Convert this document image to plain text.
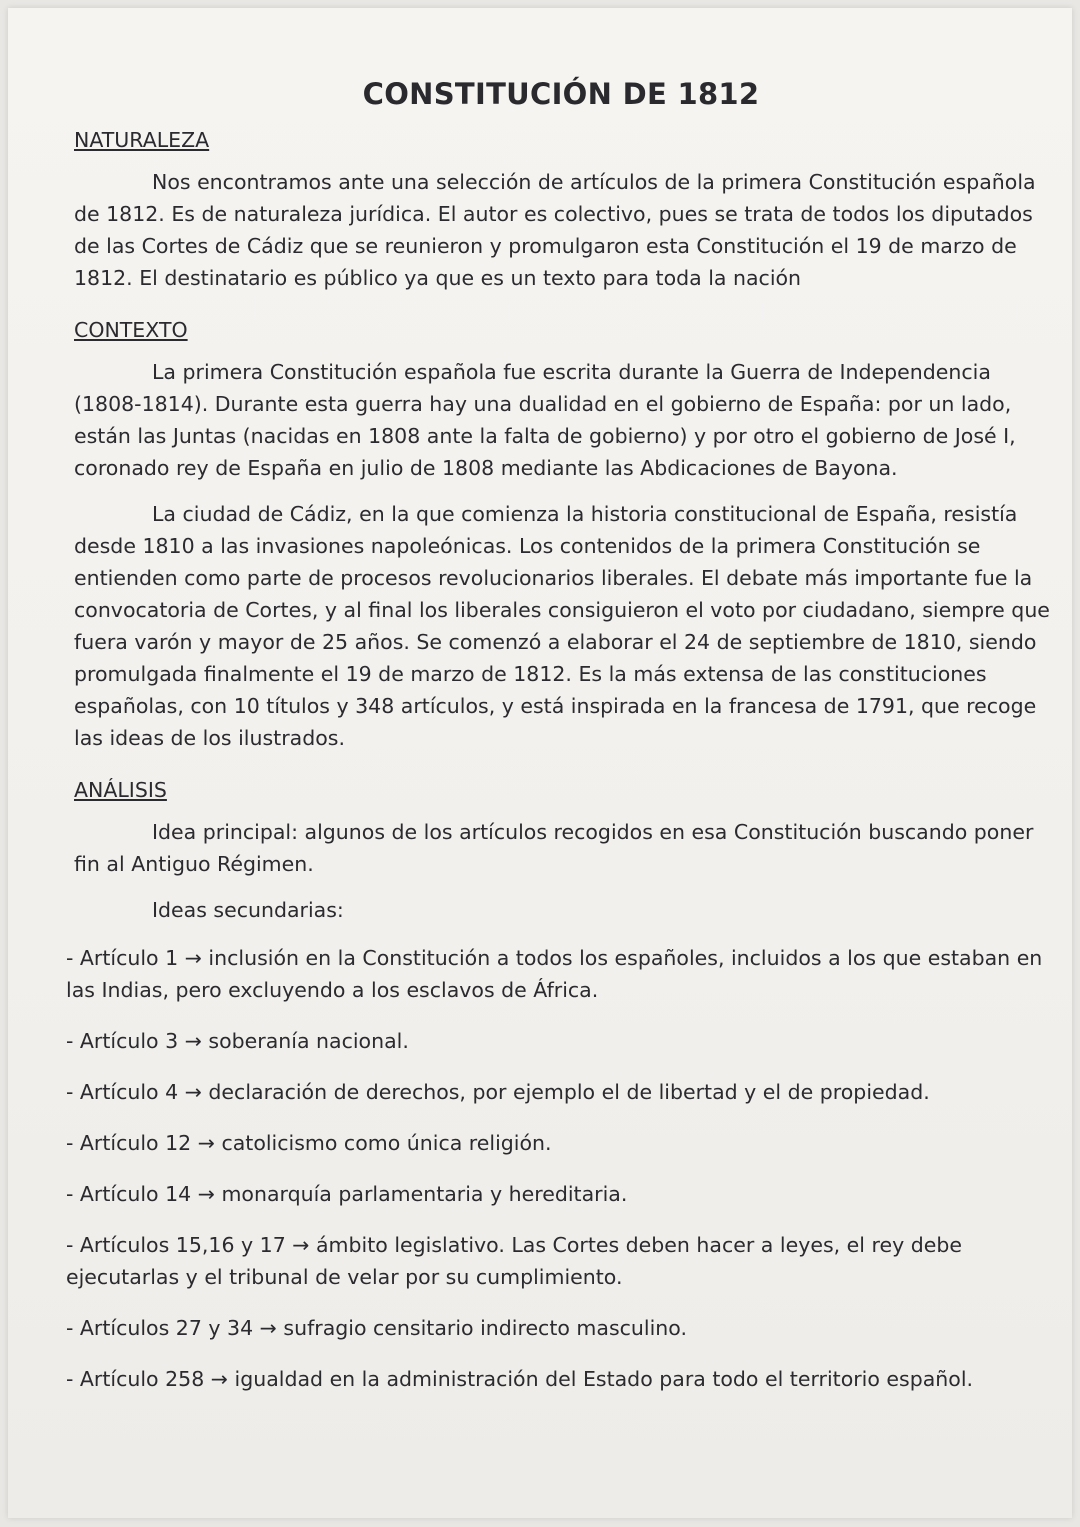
CONSTITUCIÓN DE 1812
NATURALEZA

Nos encontramos ante una selección de artículos de la primera Constitución española de 1812. Es de naturaleza jurídica. El autor es colectivo, pues se trata de todos los diputados de las Cortes de Cádiz que se reunieron y promulgaron esta Constitución el 19 de marzo de 1812. El destinatario es público ya que es un texto para toda la nación

CONTEXTO

La primera Constitución española fue escrita durante la Guerra de Independencia (1808-1814). Durante esta guerra hay una dualidad en el gobierno de España: por un lado, están las Juntas (nacidas en 1808 ante la falta de gobierno) y por otro el gobierno de José I, coronado rey de España en julio de 1808 mediante las Abdicaciones de Bayona.

La ciudad de Cádiz, en la que comienza la historia constitucional de España, resistía desde 1810 a las invasiones napoleónicas. Los contenidos de la primera Constitución se entienden como parte de procesos revolucionarios liberales. El debate más importante fue la convocatoria de Cortes, y al final los liberales consiguieron el voto por ciudadano, siempre que fuera varón y mayor de 25 años. Se comenzó a elaborar el 24 de septiembre de 1810, siendo promulgada finalmente el 19 de marzo de 1812. Es la más extensa de las constituciones españolas, con 10 títulos y 348 artículos, y está inspirada en la francesa de 1791, que recoge las ideas de los ilustrados.

ANÁLISIS

Idea principal: algunos de los artículos recogidos en esa Constitución buscando poner fin al Antiguo Régimen.

Ideas secundarias:

- Artículo 1 → inclusión en la Constitución a todos los españoles, incluidos a los que estaban en las Indias, pero excluyendo a los esclavos de África.
- Artículo 3 → soberanía nacional.
- Artículo 4 → declaración de derechos, por ejemplo el de libertad y el de propiedad.
- Artículo 12 → catolicismo como única religión.
- Artículo 14 → monarquía parlamentaria y hereditaria.
- Artículos 15,16 y 17 → ámbito legislativo. Las Cortes deben hacer a leyes, el rey debe ejecutarlas y el tribunal de velar por su cumplimiento.
- Artículos 27 y 34 → sufragio censitario indirecto masculino.
- Artículo 258 → igualdad en la administración del Estado para todo el territorio español.
